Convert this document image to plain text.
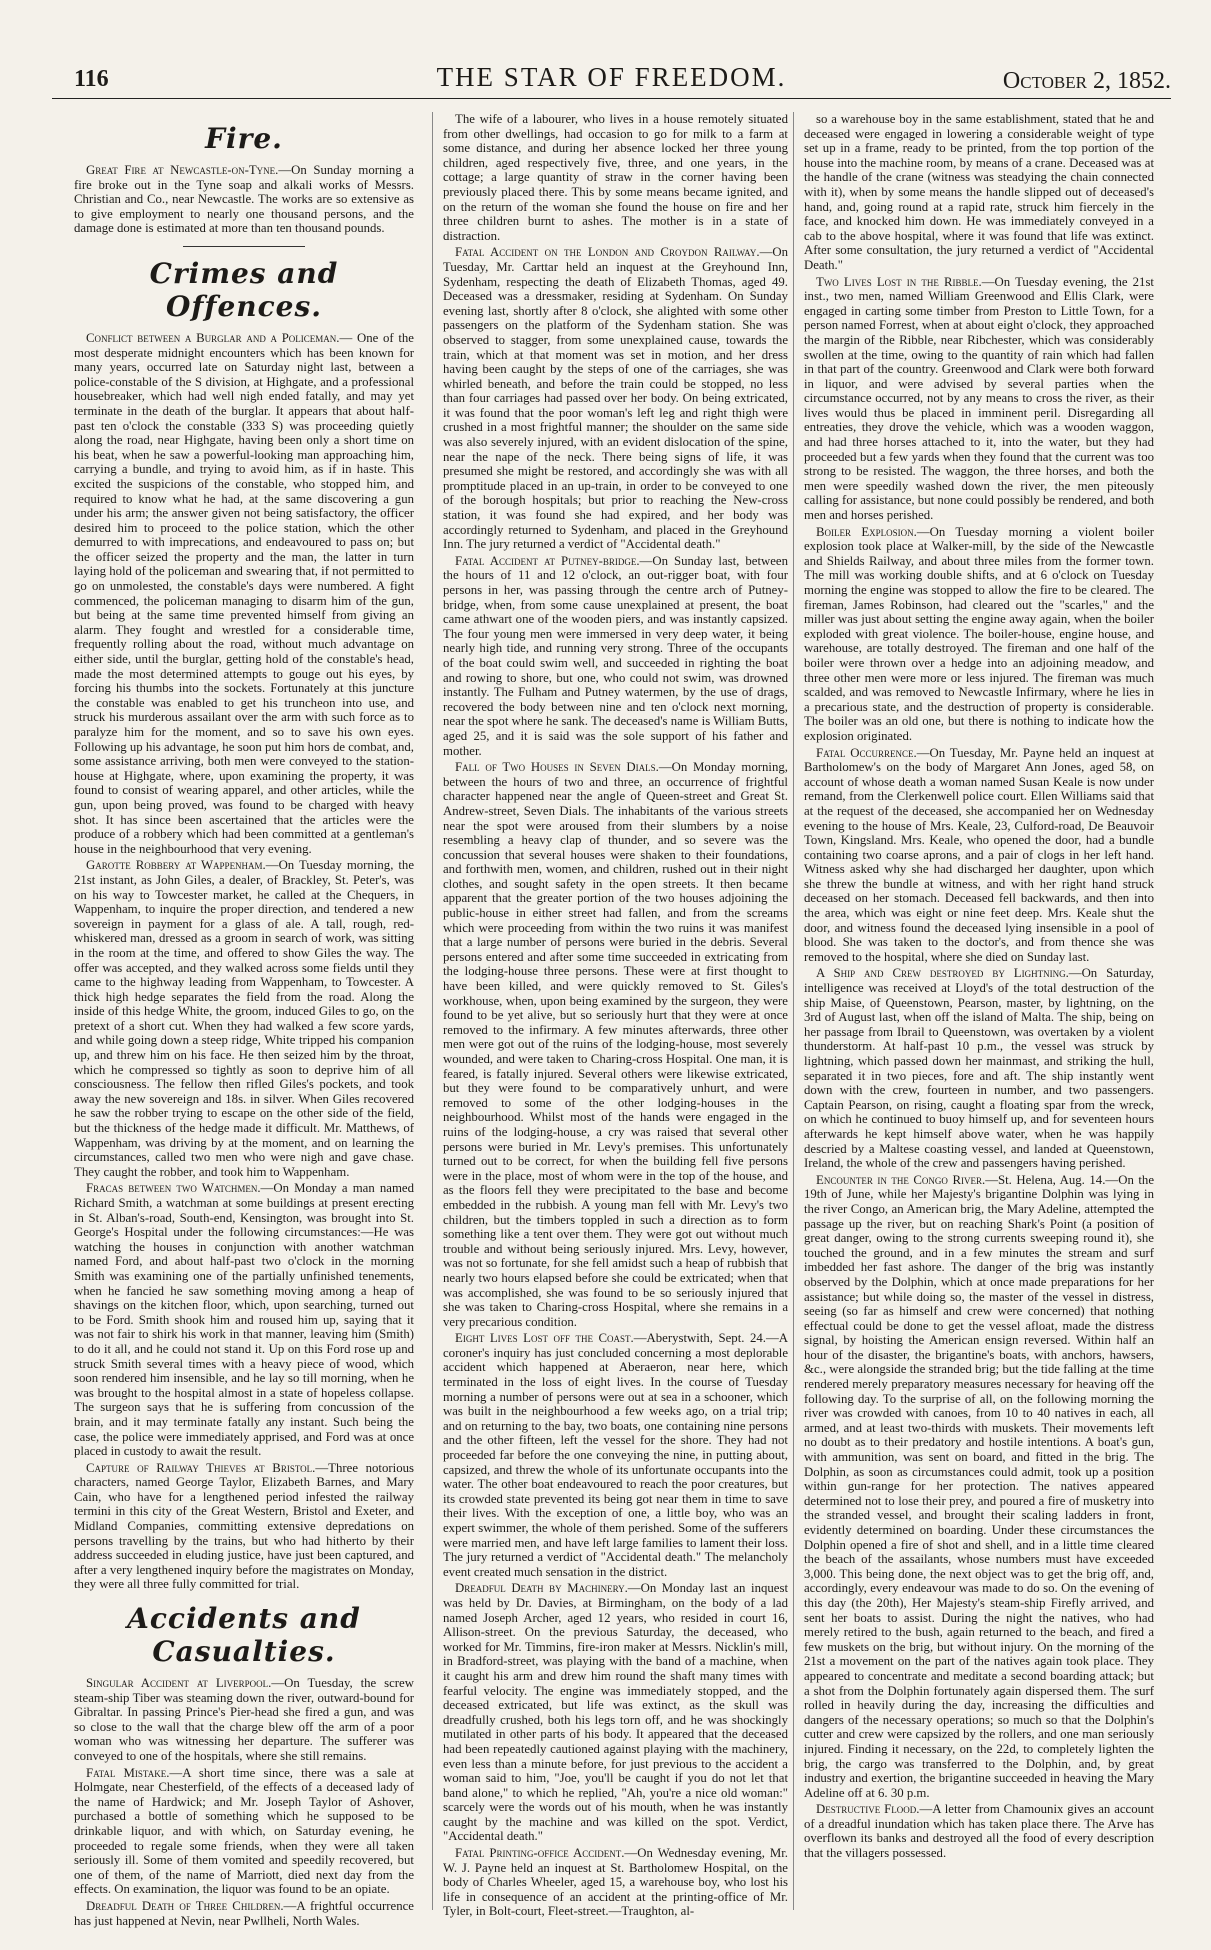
116	THE STAR OF FREEDOM.	October 2, 1852.
Fire.

Great Fire at Newcastle-on-Tyne.—On Sunday morning a fire broke out in the Tyne soap and alkali works of Messrs. Christian and Co., near Newcastle. The works are so extensive as to give employment to nearly one thousand persons, and the damage done is estimated at more than ten thousand pounds.

Crimes and Offences.

Conflict between a Burglar and a Policeman.— One of the most desperate midnight encounters which has been known for many years, occurred late on Saturday night last, between a police-constable of the S division, at Highgate, and a professional housebreaker, which had well nigh ended fatally, and may yet terminate in the death of the burglar. It appears that about half-past ten o'clock the constable (333 S) was proceeding quietly along the road, near Highgate, having been only a short time on his beat, when he saw a powerful-looking man approaching him, carrying a bundle, and trying to avoid him, as if in haste. This excited the suspicions of the constable, who stopped him, and required to know what he had, at the same discovering a gun under his arm; the answer given not being satisfactory, the officer desired him to proceed to the police station, which the other demurred to with imprecations, and endeavoured to pass on; but the officer seized the property and the man, the latter in turn laying hold of the policeman and swearing that, if not permitted to go on unmolested, the constable's days were numbered. A fight commenced, the policeman managing to disarm him of the gun, but being at the same time prevented himself from giving an alarm. They fought and wrestled for a considerable time, frequently rolling about the road, without much advantage on either side, until the burglar, getting hold of the constable's head, made the most determined attempts to gouge out his eyes, by forcing his thumbs into the sockets. Fortunately at this juncture the constable was enabled to get his truncheon into use, and struck his murderous assailant over the arm with such force as to paralyze him for the moment, and so to save his own eyes. Following up his advantage, he soon put him hors de combat, and, some assistance arriving, both men were conveyed to the station-house at Highgate, where, upon examining the property, it was found to consist of wearing apparel, and other articles, while the gun, upon being proved, was found to be charged with heavy shot. It has since been ascertained that the articles were the produce of a robbery which had been committed at a gentleman's house in the neighbourhood that very evening.

Garotte Robbery at Wappenham.—On Tuesday morning, the 21st instant, as John Giles, a dealer, of Brackley, St. Peter's, was on his way to Towcester market, he called at the Chequers, in Wappenham, to inquire the proper direction, and tendered a new sovereign in payment for a glass of ale. A tall, rough, red-whiskered man, dressed as a groom in search of work, was sitting in the room at the time, and offered to show Giles the way. The offer was accepted, and they walked across some fields until they came to the highway leading from Wappenham, to Towcester. A thick high hedge separates the field from the road. Along the inside of this hedge White, the groom, induced Giles to go, on the pretext of a short cut. When they had walked a few score yards, and while going down a steep ridge, White tripped his companion up, and threw him on his face. He then seized him by the throat, which he compressed so tightly as soon to deprive him of all consciousness. The fellow then rifled Giles's pockets, and took away the new sovereign and 18s. in silver. When Giles recovered he saw the robber trying to escape on the other side of the field, but the thickness of the hedge made it difficult. Mr. Matthews, of Wappenham, was driving by at the moment, and on learning the circumstances, called two men who were nigh and gave chase. They caught the robber, and took him to Wappenham.

Fracas between two Watchmen.—On Monday a man named Richard Smith, a watchman at some buildings at present erecting in St. Alban's-road, South-end, Kensington, was brought into St. George's Hospital under the following circumstances:—He was watching the houses in conjunction with another watchman named Ford, and about half-past two o'clock in the morning Smith was examining one of the partially unfinished tenements, when he fancied he saw something moving among a heap of shavings on the kitchen floor, which, upon searching, turned out to be Ford. Smith shook him and roused him up, saying that it was not fair to shirk his work in that manner, leaving him (Smith) to do it all, and he could not stand it. Up on this Ford rose up and struck Smith several times with a heavy piece of wood, which soon rendered him insensible, and he lay so till morning, when he was brought to the hospital almost in a state of hopeless collapse. The surgeon says that he is suffering from concussion of the brain, and it may terminate fatally any instant. Such being the case, the police were immediately apprised, and Ford was at once placed in custody to await the result.

Capture of Railway Thieves at Bristol.—Three notorious characters, named George Taylor, Elizabeth Barnes, and Mary Cain, who have for a lengthened period infested the railway termini in this city of the Great Western, Bristol and Exeter, and Midland Companies, committing extensive depredations on persons travelling by the trains, but who had hitherto by their address succeeded in eluding justice, have just been captured, and after a very lengthened inquiry before the magistrates on Monday, they were all three fully committed for trial.

Accidents and Casualties.

Singular Accident at Liverpool.—On Tuesday, the screw steam-ship Tiber was steaming down the river, outward-bound for Gibraltar. In passing Prince's Pier-head she fired a gun, and was so close to the wall that the charge blew off the arm of a poor woman who was witnessing her departure. The sufferer was conveyed to one of the hospitals, where she still remains.

Fatal Mistake.—A short time since, there was a sale at Holmgate, near Chesterfield, of the effects of a deceased lady of the name of Hardwick; and Mr. Joseph Taylor of Ashover, purchased a bottle of something which he supposed to be drinkable liquor, and with which, on Saturday evening, he proceeded to regale some friends, when they were all taken seriously ill. Some of them vomited and speedily recovered, but one of them, of the name of Marriott, died next day from the effects. On examination, the liquor was found to be an opiate.

Dreadful Death of Three Children.—A frightful occurrence has just happened at Nevin, near Pwllheli, North Wales.

The wife of a labourer, who lives in a house remotely situated from other dwellings, had occasion to go for milk to a farm at some distance, and during her absence locked her three young children, aged respectively five, three, and one years, in the cottage; a large quantity of straw in the corner having been previously placed there. This by some means became ignited, and on the return of the woman she found the house on fire and her three children burnt to ashes. The mother is in a state of distraction.

Fatal Accident on the London and Croydon Railway.—On Tuesday, Mr. Carttar held an inquest at the Greyhound Inn, Sydenham, respecting the death of Elizabeth Thomas, aged 49. Deceased was a dressmaker, residing at Sydenham. On Sunday evening last, shortly after 8 o'clock, she alighted with some other passengers on the platform of the Sydenham station. She was observed to stagger, from some unexplained cause, towards the train, which at that moment was set in motion, and her dress having been caught by the steps of one of the carriages, she was whirled beneath, and before the train could be stopped, no less than four carriages had passed over her body. On being extricated, it was found that the poor woman's left leg and right thigh were crushed in a most frightful manner; the shoulder on the same side was also severely injured, with an evident dislocation of the spine, near the nape of the neck. There being signs of life, it was presumed she might be restored, and accordingly she was with all promptitude placed in an up-train, in order to be conveyed to one of the borough hospitals; but prior to reaching the New-cross station, it was found she had expired, and her body was accordingly returned to Sydenham, and placed in the Greyhound Inn. The jury returned a verdict of "Accidental death."

Fatal Accident at Putney-bridge.—On Sunday last, between the hours of 11 and 12 o'clock, an out-rigger boat, with four persons in her, was passing through the centre arch of Putney-bridge, when, from some cause unexplained at present, the boat came athwart one of the wooden piers, and was instantly capsized. The four young men were immersed in very deep water, it being nearly high tide, and running very strong. Three of the occupants of the boat could swim well, and succeeded in righting the boat and rowing to shore, but one, who could not swim, was drowned instantly. The Fulham and Putney watermen, by the use of drags, recovered the body between nine and ten o'clock next morning, near the spot where he sank. The deceased's name is William Butts, aged 25, and it is said was the sole support of his father and mother.

Fall of Two Houses in Seven Dials.—On Monday morning, between the hours of two and three, an occurrence of frightful character happened near the angle of Queen-street and Great St. Andrew-street, Seven Dials. The inhabitants of the various streets near the spot were aroused from their slumbers by a noise resembling a heavy clap of thunder, and so severe was the concussion that several houses were shaken to their foundations, and forthwith men, women, and children, rushed out in their night clothes, and sought safety in the open streets. It then became apparent that the greater portion of the two houses adjoining the public-house in either street had fallen, and from the screams which were proceeding from within the two ruins it was manifest that a large number of persons were buried in the debris. Several persons entered and after some time succeeded in extricating from the lodging-house three persons. These were at first thought to have been killed, and were quickly removed to St. Giles's workhouse, when, upon being examined by the surgeon, they were found to be yet alive, but so seriously hurt that they were at once removed to the infirmary. A few minutes afterwards, three other men were got out of the ruins of the lodging-house, most severely wounded, and were taken to Charing-cross Hospital. One man, it is feared, is fatally injured. Several others were likewise extricated, but they were found to be comparatively unhurt, and were removed to some of the other lodging-houses in the neighbourhood. Whilst most of the hands were engaged in the ruins of the lodging-house, a cry was raised that several other persons were buried in Mr. Levy's premises. This unfortunately turned out to be correct, for when the building fell five persons were in the place, most of whom were in the top of the house, and as the floors fell they were precipitated to the base and become embedded in the rubbish. A young man fell with Mr. Levy's two children, but the timbers toppled in such a direction as to form something like a tent over them. They were got out without much trouble and without being seriously injured. Mrs. Levy, however, was not so fortunate, for she fell amidst such a heap of rubbish that nearly two hours elapsed before she could be extricated; when that was accomplished, she was found to be so seriously injured that she was taken to Charing-cross Hospital, where she remains in a very precarious condition.

Eight Lives Lost off the Coast.—Aberystwith, Sept. 24.—A coroner's inquiry has just concluded concerning a most deplorable accident which happened at Aberaeron, near here, which terminated in the loss of eight lives. In the course of Tuesday morning a number of persons were out at sea in a schooner, which was built in the neighbourhood a few weeks ago, on a trial trip; and on returning to the bay, two boats, one containing nine persons and the other fifteen, left the vessel for the shore. They had not proceeded far before the one conveying the nine, in putting about, capsized, and threw the whole of its unfortunate occupants into the water. The other boat endeavoured to reach the poor creatures, but its crowded state prevented its being got near them in time to save their lives. With the exception of one, a little boy, who was an expert swimmer, the whole of them perished. Some of the sufferers were married men, and have left large families to lament their loss. The jury returned a verdict of "Accidental death." The melancholy event created much sensation in the district.

Dreadful Death by Machinery.—On Monday last an inquest was held by Dr. Davies, at Birmingham, on the body of a lad named Joseph Archer, aged 12 years, who resided in court 16, Allison-street. On the previous Saturday, the deceased, who worked for Mr. Timmins, fire-iron maker at Messrs. Nicklin's mill, in Bradford-street, was playing with the band of a machine, when it caught his arm and drew him round the shaft many times with fearful velocity. The engine was immediately stopped, and the deceased extricated, but life was extinct, as the skull was dreadfully crushed, both his legs torn off, and he was shockingly mutilated in other parts of his body. It appeared that the deceased had been repeatedly cautioned against playing with the machinery, even less than a minute before, for just previous to the accident a woman said to him, "Joe, you'll be caught if you do not let that band alone," to which he replied, "Ah, you're a nice old woman:" scarcely were the words out of his mouth, when he was instantly caught by the machine and was killed on the spot. Verdict, "Accidental death."

Fatal Printing-office Accident.—On Wednesday evening, Mr. W. J. Payne held an inquest at St. Bartholomew Hospital, on the body of Charles Wheeler, aged 15, a warehouse boy, who lost his life in consequence of an accident at the printing-office of Mr. Tyler, in Bolt-court, Fleet-street.—Traughton, al-

so a warehouse boy in the same establishment, stated that he and deceased were engaged in lowering a considerable weight of type set up in a frame, ready to be printed, from the top portion of the house into the machine room, by means of a crane. Deceased was at the handle of the crane (witness was steadying the chain connected with it), when by some means the handle slipped out of deceased's hand, and, going round at a rapid rate, struck him fiercely in the face, and knocked him down. He was immediately conveyed in a cab to the above hospital, where it was found that life was extinct. After some consultation, the jury returned a verdict of "Accidental Death."

Two Lives Lost in the Ribble.—On Tuesday evening, the 21st inst., two men, named William Greenwood and Ellis Clark, were engaged in carting some timber from Preston to Little Town, for a person named Forrest, when at about eight o'clock, they approached the margin of the Ribble, near Ribchester, which was considerably swollen at the time, owing to the quantity of rain which had fallen in that part of the country. Greenwood and Clark were both forward in liquor, and were advised by several parties when the circumstance occurred, not by any means to cross the river, as their lives would thus be placed in imminent peril. Disregarding all entreaties, they drove the vehicle, which was a wooden waggon, and had three horses attached to it, into the water, but they had proceeded but a few yards when they found that the current was too strong to be resisted. The waggon, the three horses, and both the men were speedily washed down the river, the men piteously calling for assistance, but none could possibly be rendered, and both men and horses perished.

Boiler Explosion.—On Tuesday morning a violent boiler explosion took place at Walker-mill, by the side of the Newcastle and Shields Railway, and about three miles from the former town. The mill was working double shifts, and at 6 o'clock on Tuesday morning the engine was stopped to allow the fire to be cleared. The fireman, James Robinson, had cleared out the "scarles," and the miller was just about setting the engine away again, when the boiler exploded with great violence. The boiler-house, engine house, and warehouse, are totally destroyed. The fireman and one half of the boiler were thrown over a hedge into an adjoining meadow, and three other men were more or less injured. The fireman was much scalded, and was removed to Newcastle Infirmary, where he lies in a precarious state, and the destruction of property is considerable. The boiler was an old one, but there is nothing to indicate how the explosion originated.

Fatal Occurrence.—On Tuesday, Mr. Payne held an inquest at Bartholomew's on the body of Margaret Ann Jones, aged 58, on account of whose death a woman named Susan Keale is now under remand, from the Clerkenwell police court. Ellen Williams said that at the request of the deceased, she accompanied her on Wednesday evening to the house of Mrs. Keale, 23, Culford-road, De Beauvoir Town, Kingsland. Mrs. Keale, who opened the door, had a bundle containing two coarse aprons, and a pair of clogs in her left hand. Witness asked why she had discharged her daughter, upon which she threw the bundle at witness, and with her right hand struck deceased on her stomach. Deceased fell backwards, and then into the area, which was eight or nine feet deep. Mrs. Keale shut the door, and witness found the deceased lying insensible in a pool of blood. She was taken to the doctor's, and from thence she was removed to the hospital, where she died on Sunday last.

A Ship and Crew destroyed by Lightning.—On Saturday, intelligence was received at Lloyd's of the total destruction of the ship Maise, of Queenstown, Pearson, master, by lightning, on the 3rd of August last, when off the island of Malta. The ship, being on her passage from Ibrail to Queenstown, was overtaken by a violent thunderstorm. At half-past 10 p.m., the vessel was struck by lightning, which passed down her mainmast, and striking the hull, separated it in two pieces, fore and aft. The ship instantly went down with the crew, fourteen in number, and two passengers. Captain Pearson, on rising, caught a floating spar from the wreck, on which he continued to buoy himself up, and for seventeen hours afterwards he kept himself above water, when he was happily descried by a Maltese coasting vessel, and landed at Queenstown, Ireland, the whole of the crew and passengers having perished.

Encounter in the Congo River.—St. Helena, Aug. 14.—On the 19th of June, while her Majesty's brigantine Dolphin was lying in the river Congo, an American brig, the Mary Adeline, attempted the passage up the river, but on reaching Shark's Point (a position of great danger, owing to the strong currents sweeping round it), she touched the ground, and in a few minutes the stream and surf imbedded her fast ashore. The danger of the brig was instantly observed by the Dolphin, which at once made preparations for her assistance; but while doing so, the master of the vessel in distress, seeing (so far as himself and crew were concerned) that nothing effectual could be done to get the vessel afloat, made the distress signal, by hoisting the American ensign reversed. Within half an hour of the disaster, the brigantine's boats, with anchors, hawsers, &c., were alongside the stranded brig; but the tide falling at the time rendered merely preparatory measures necessary for heaving off the following day. To the surprise of all, on the following morning the river was crowded with canoes, from 10 to 40 natives in each, all armed, and at least two-thirds with muskets. Their movements left no doubt as to their predatory and hostile intentions. A boat's gun, with ammunition, was sent on board, and fitted in the brig. The Dolphin, as soon as circumstances could admit, took up a position within gun-range for her protection. The natives appeared determined not to lose their prey, and poured a fire of musketry into the stranded vessel, and brought their scaling ladders in front, evidently determined on boarding. Under these circumstances the Dolphin opened a fire of shot and shell, and in a little time cleared the beach of the assailants, whose numbers must have exceeded 3,000. This being done, the next object was to get the brig off, and, accordingly, every endeavour was made to do so. On the evening of this day (the 20th), Her Majesty's steam-ship Firefly arrived, and sent her boats to assist. During the night the natives, who had merely retired to the bush, again returned to the beach, and fired a few muskets on the brig, but without injury. On the morning of the 21st a movement on the part of the natives again took place. They appeared to concentrate and meditate a second boarding attack; but a shot from the Dolphin fortunately again dispersed them. The surf rolled in heavily during the day, increasing the difficulties and dangers of the necessary operations; so much so that the Dolphin's cutter and crew were capsized by the rollers, and one man seriously injured. Finding it necessary, on the 22d, to completely lighten the brig, the cargo was transferred to the Dolphin, and, by great industry and exertion, the brigantine succeeded in heaving the Mary Adeline off at 6. 30 p.m.

Destructive Flood.—A letter from Chamounix gives an account of a dreadful inundation which has taken place there. The Arve has overflown its banks and destroyed all the food of every description that the villagers possessed.
